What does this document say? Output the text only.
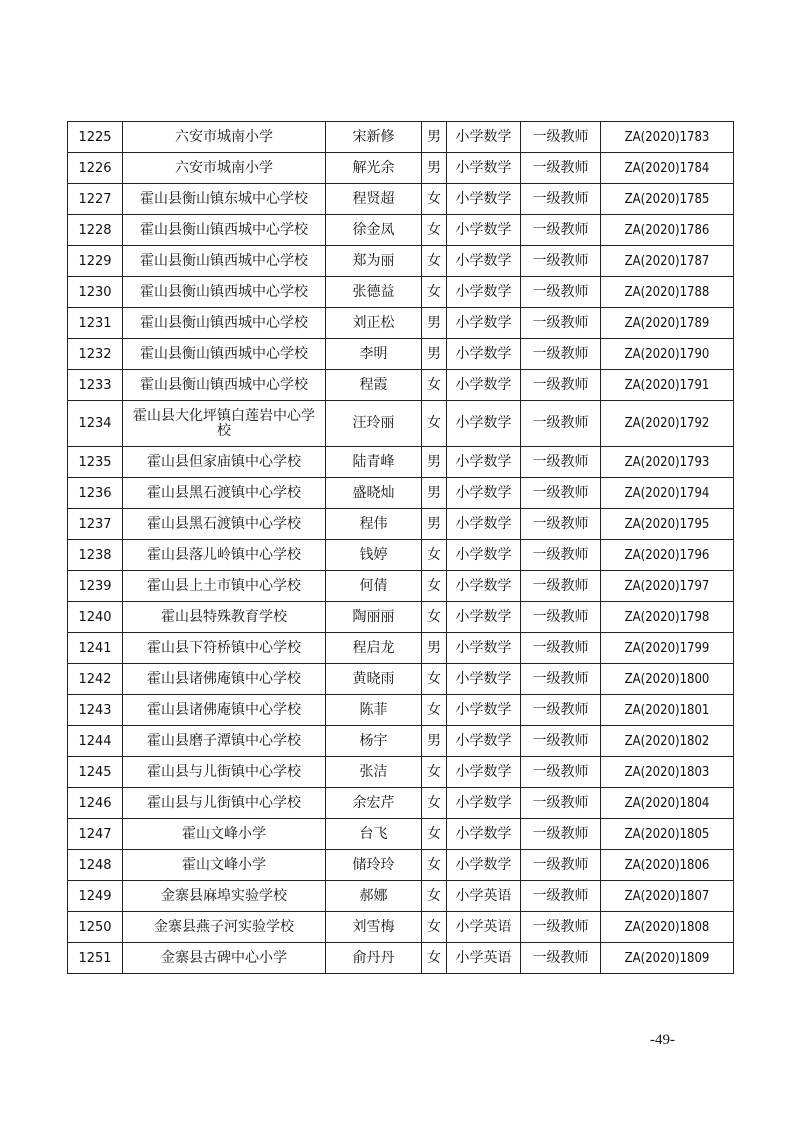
1225	六安市城南小学	宋新修	男	小学数学	一级教师	ZA(2020)1783
1226	六安市城南小学	解光余	男	小学数学	一级教师	ZA(2020)1784
1227	霍山县衡山镇东城中心学校	程贤超	女	小学数学	一级教师	ZA(2020)1785
1228	霍山县衡山镇西城中心学校	徐金凤	女	小学数学	一级教师	ZA(2020)1786
1229	霍山县衡山镇西城中心学校	郑为丽	女	小学数学	一级教师	ZA(2020)1787
1230	霍山县衡山镇西城中心学校	张德益	女	小学数学	一级教师	ZA(2020)1788
1231	霍山县衡山镇西城中心学校	刘正松	男	小学数学	一级教师	ZA(2020)1789
1232	霍山县衡山镇西城中心学校	李明	男	小学数学	一级教师	ZA(2020)1790
1233	霍山县衡山镇西城中心学校	程霞	女	小学数学	一级教师	ZA(2020)1791
1234	霍山县大化坪镇白莲岩中心学校	汪玲丽	女	小学数学	一级教师	ZA(2020)1792
1235	霍山县但家庙镇中心学校	陆青峰	男	小学数学	一级教师	ZA(2020)1793
1236	霍山县黑石渡镇中心学校	盛晓灿	男	小学数学	一级教师	ZA(2020)1794
1237	霍山县黑石渡镇中心学校	程伟	男	小学数学	一级教师	ZA(2020)1795
1238	霍山县落儿岭镇中心学校	钱婷	女	小学数学	一级教师	ZA(2020)1796
1239	霍山县上土市镇中心学校	何倩	女	小学数学	一级教师	ZA(2020)1797
1240	霍山县特殊教育学校	陶丽丽	女	小学数学	一级教师	ZA(2020)1798
1241	霍山县下符桥镇中心学校	程启龙	男	小学数学	一级教师	ZA(2020)1799
1242	霍山县诸佛庵镇中心学校	黄晓雨	女	小学数学	一级教师	ZA(2020)1800
1243	霍山县诸佛庵镇中心学校	陈菲	女	小学数学	一级教师	ZA(2020)1801
1244	霍山县磨子潭镇中心学校	杨宇	男	小学数学	一级教师	ZA(2020)1802
1245	霍山县与儿街镇中心学校	张洁	女	小学数学	一级教师	ZA(2020)1803
1246	霍山县与儿街镇中心学校	余宏芹	女	小学数学	一级教师	ZA(2020)1804
1247	霍山文峰小学	台飞	女	小学数学	一级教师	ZA(2020)1805
1248	霍山文峰小学	储玲玲	女	小学数学	一级教师	ZA(2020)1806
1249	金寨县麻埠实验学校	郝娜	女	小学英语	一级教师	ZA(2020)1807
1250	金寨县燕子河实验学校	刘雪梅	女	小学英语	一级教师	ZA(2020)1808
1251	金寨县古碑中心小学	俞丹丹	女	小学英语	一级教师	ZA(2020)1809
-49-
